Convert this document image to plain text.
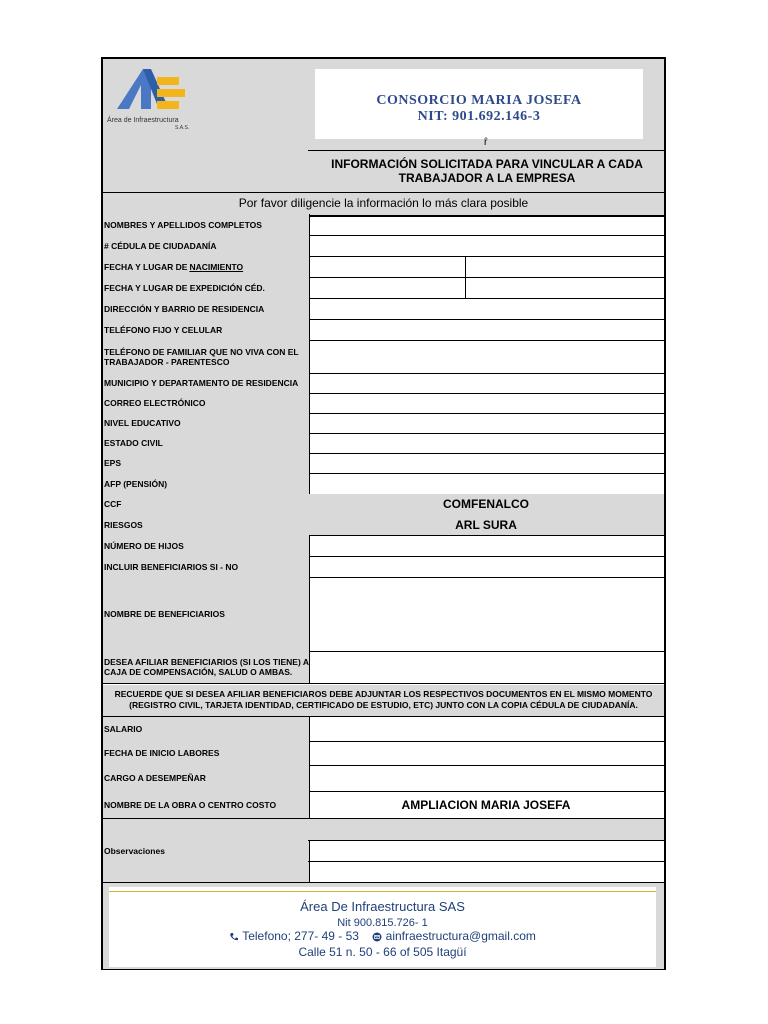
Área de Infraestructura
S.A.S.
CONSORCIO MARIA JOSEFA
NIT: 901.692.146-3
ȓ
INFORMACIÓN SOLICITADA PARA VINCULAR A CADA
TRABAJADOR A LA EMPRESA
Por favor diligencie la información lo más clara posible
NOMBRES Y APELLIDOS COMPLETOS
# CÉDULA DE CIUDADANÍA
FECHA Y LUGAR DE NACIMIENTO
FECHA Y LUGAR DE EXPEDICIÓN CÉD.
DIRECCIÓN Y BARRIO DE RESIDENCIA
TELÉFONO FIJO Y CELULAR
TELÉFONO DE FAMILIAR QUE NO VIVA CON EL TRABAJADOR - PARENTESCO
MUNICIPIO Y DEPARTAMENTO DE RESIDENCIA
CORREO ELECTRÓNICO
NIVEL EDUCATIVO
ESTADO CIVIL
EPS
AFP (PENSIÓN)
CCF	COMFENALCO
RIESGOS	ARL SURA
NÚMERO DE HIJOS
INCLUIR BENEFICIARIOS SI - NO
NOMBRE DE BENEFICIARIOS
DESEA AFILIAR BENEFICIARIOS (SI LOS TIENE) A CAJA DE COMPENSACIÓN, SALUD O AMBAS.
RECUERDE QUE SI DESEA AFILIAR BENEFICIAROS DEBE ADJUNTAR LOS RESPECTIVOS DOCUMENTOS EN EL MISMO MOMENTO
(REGISTRO CIVIL, TARJETA IDENTIDAD, CERTIFICADO DE ESTUDIO, ETC) JUNTO CON LA COPIA CÉDULA DE CIUDADANÍA.
SALARIO
FECHA DE INICIO LABORES
CARGO A DESEMPEÑAR
NOMBRE DE LA OBRA O CENTRO COSTO	AMPLIACION MARIA JOSEFA
Observaciones
Área De Infraestructura SAS
Nit 900.815.726- 1
Telefono; 277- 49 - 53 ainfraestructura@gmail.com
Calle 51 n. 50 - 66 of 505 Itagüí
